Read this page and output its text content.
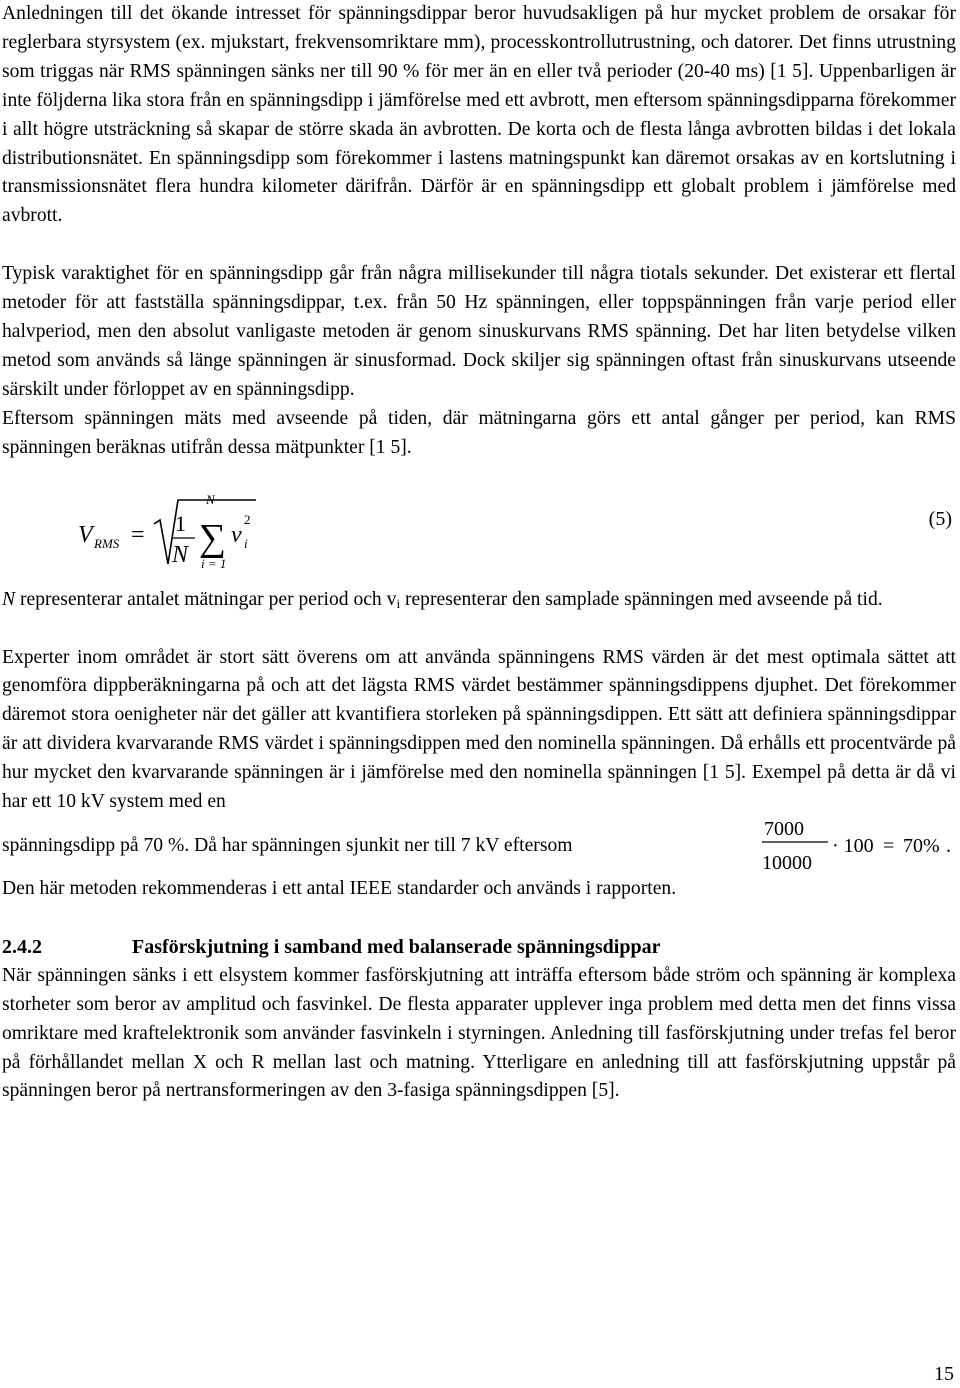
Anledningen till det ökande intresset för spänningsdippar beror huvudsakligen på hur mycket problem de orsakar för reglerbara styrsystem (ex. mjukstart, frekvensomriktare mm), processkontrollutrustning, och datorer. Det finns utrustning som triggas när RMS spänningen sänks ner till 90 % för mer än en eller två perioder (20-40 ms) [1 5]. Uppenbarligen är inte följderna lika stora från en spänningsdipp i jämförelse med ett avbrott, men eftersom spänningsdipparna förekommer i allt högre utsträckning så skapar de större skada än avbrotten. De korta och de flesta långa avbrotten bildas i det lokala distributionsnätet. En spänningsdipp som förekommer i lastens matningspunkt kan däremot orsakas av en kortslutning i transmissionsnätet flera hundra kilometer därifrån. Därför är en spänningsdipp ett globalt problem i jämförelse med avbrott.

Typisk varaktighet för en spänningsdipp går från några millisekunder till några tiotals sekunder. Det existerar ett flertal metoder för att fastställa spänningsdippar, t.ex. från 50 Hz spänningen, eller toppspänningen från varje period eller halvperiod, men den absolut vanligaste metoden är genom sinuskurvans RMS spänning. Det har liten betydelse vilken metod som används så länge spänningen är sinusformad. Dock skiljer sig spänningen oftast från sinuskurvans utseende särskilt under förloppet av en spänningsdipp.

Eftersom spänningen mäts med avseende på tiden, där mätningarna görs ett antal gånger per period, kan RMS spänningen beräknas utifrån dessa mätpunkter [1 5].

V RMS = 1
N
N
∑
i = 1
v i
2	(5)

N representerar antalet mätningar per period och $v_i$ representerar den samplade spänningen med avseende på tid.

Experter inom området är stort sätt överens om att använda spänningens RMS värden är det mest optimala sättet att genomföra dippberäkningarna på och att det lägsta RMS värdet bestämmer spänningsdippens djuphet. Det förekommer däremot stora oenigheter när det gäller att kvantifiera storleken på spänningsdippen. Ett sätt att definiera spänningsdippar är att dividera kvarvarande RMS värdet i spänningsdippen med den nominella spänningen. Då erhålls ett procentvärde på hur mycket den kvarvarande spänningen är i jämförelse med den nominella spänningen [1 5]. Exempel på detta är då vi har ett 10 kV system med en

spänningsdipp på 70 %. Då har spänningen sjunkit ner till 7 kV eftersom
7000
10000
· 100 = 70% .

Den här metoden rekommenderas i ett antal IEEE standarder och används i rapporten.

2.4.2	Fasförskjutning i samband med balanserade spänningsdippar

När spänningen sänks i ett elsystem kommer fasförskjutning att inträffa eftersom både ström och spänning är komplexa storheter som beror av amplitud och fasvinkel. De flesta apparater upplever inga problem med detta men det finns vissa omriktare med kraftelektronik som använder fasvinkeln i styrningen. Anledning till fasförskjutning under trefas fel beror på förhållandet mellan X och R mellan last och matning. Ytterligare en anledning till att fasförskjutning uppstår på spänningen beror på nertransformeringen av den 3-fasiga spänningsdippen [5].

15
